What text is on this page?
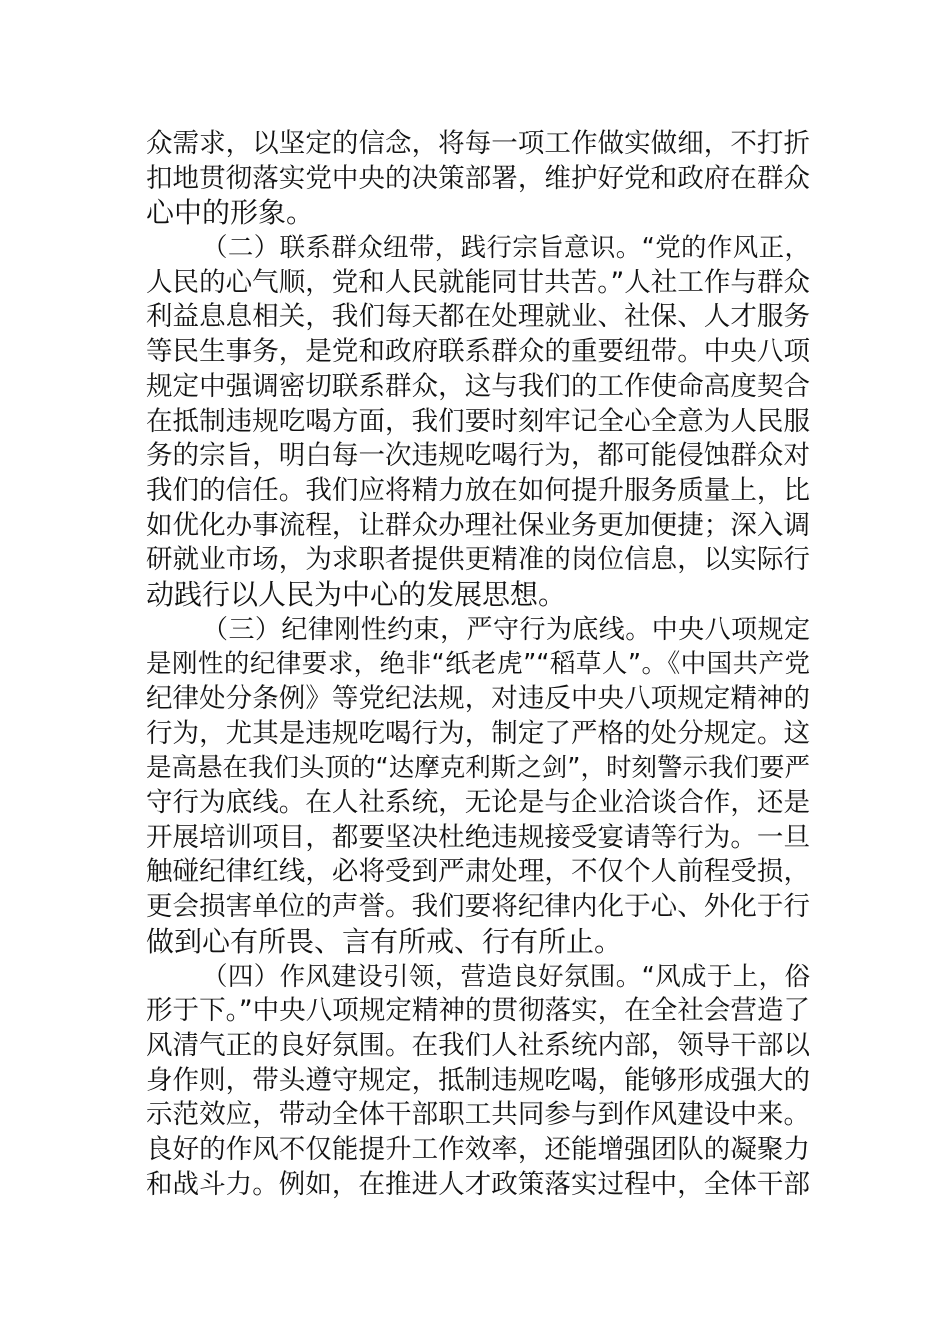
众需求，以坚定的信念，将每一项工作做实做细，不打折
扣地贯彻落实党中央的决策部署，维护好党和政府在群众
心中的形象。
（二）联系群众纽带，践行宗旨意识。“党的作风正，
人民的心气顺，党和人民就能同甘共苦。”人社工作与群众
利益息息相关，我们每天都在处理就业、社保、人才服务
等民生事务，是党和政府联系群众的重要纽带。中央八项
规定中强调密切联系群众，这与我们的工作使命高度契合
在抵制违规吃喝方面，我们要时刻牢记全心全意为人民服
务的宗旨，明白每一次违规吃喝行为，都可能侵蚀群众对
我们的信任。我们应将精力放在如何提升服务质量上，比
如优化办事流程，让群众办理社保业务更加便捷；深入调
研就业市场，为求职者提供更精准的岗位信息，以实际行
动践行以人民为中心的发展思想。
（三）纪律刚性约束，严守行为底线。中央八项规定
是刚性的纪律要求，绝非“纸老虎”“稻草人”。《中国共产党
纪律处分条例》等党纪法规，对违反中央八项规定精神的
行为，尤其是违规吃喝行为，制定了严格的处分规定。这
是高悬在我们头顶的“达摩克利斯之剑”，时刻警示我们要严
守行为底线。在人社系统，无论是与企业洽谈合作，还是
开展培训项目，都要坚决杜绝违规接受宴请等行为。一旦
触碰纪律红线，必将受到严肃处理，不仅个人前程受损，
更会损害单位的声誉。我们要将纪律内化于心、外化于行
做到心有所畏、言有所戒、行有所止。
（四）作风建设引领，营造良好氛围。“风成于上，俗
形于下。”中央八项规定精神的贯彻落实，在全社会营造了
风清气正的良好氛围。在我们人社系统内部，领导干部以
身作则，带头遵守规定，抵制违规吃喝，能够形成强大的
示范效应，带动全体干部职工共同参与到作风建设中来。
良好的作风不仅能提升工作效率，还能增强团队的凝聚力
和战斗力。例如，在推进人才政策落实过程中，全体干部
